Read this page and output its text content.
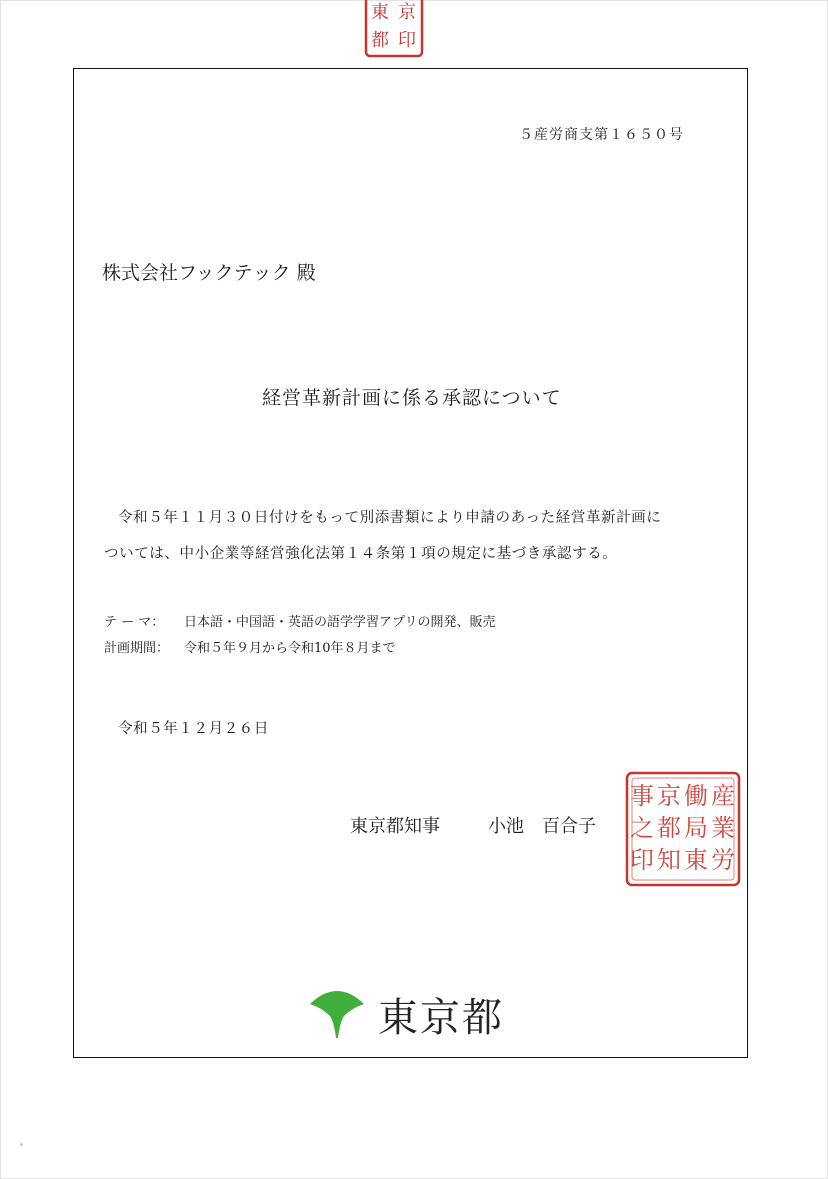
東 京
都 印
５産労商支第１６５０号
株式会社フックテック 殿
経営革新計画に係る承認について
令和５年１１月３０日付けをもって別添書類により申請のあった経営革新計画に
ついては、中小企業等経営強化法第１４条第１項の規定に基づき承認する。
テ ー マ： 日本語・中国語・英語の語学学習アプリの開発、販売
計画期間： 令和５年９月から令和10年８月まで
令和５年１２月２６日
東京都知事	小池　百合子
産
業
労
働
局
東
京
都
知
事
之
印
東京都
